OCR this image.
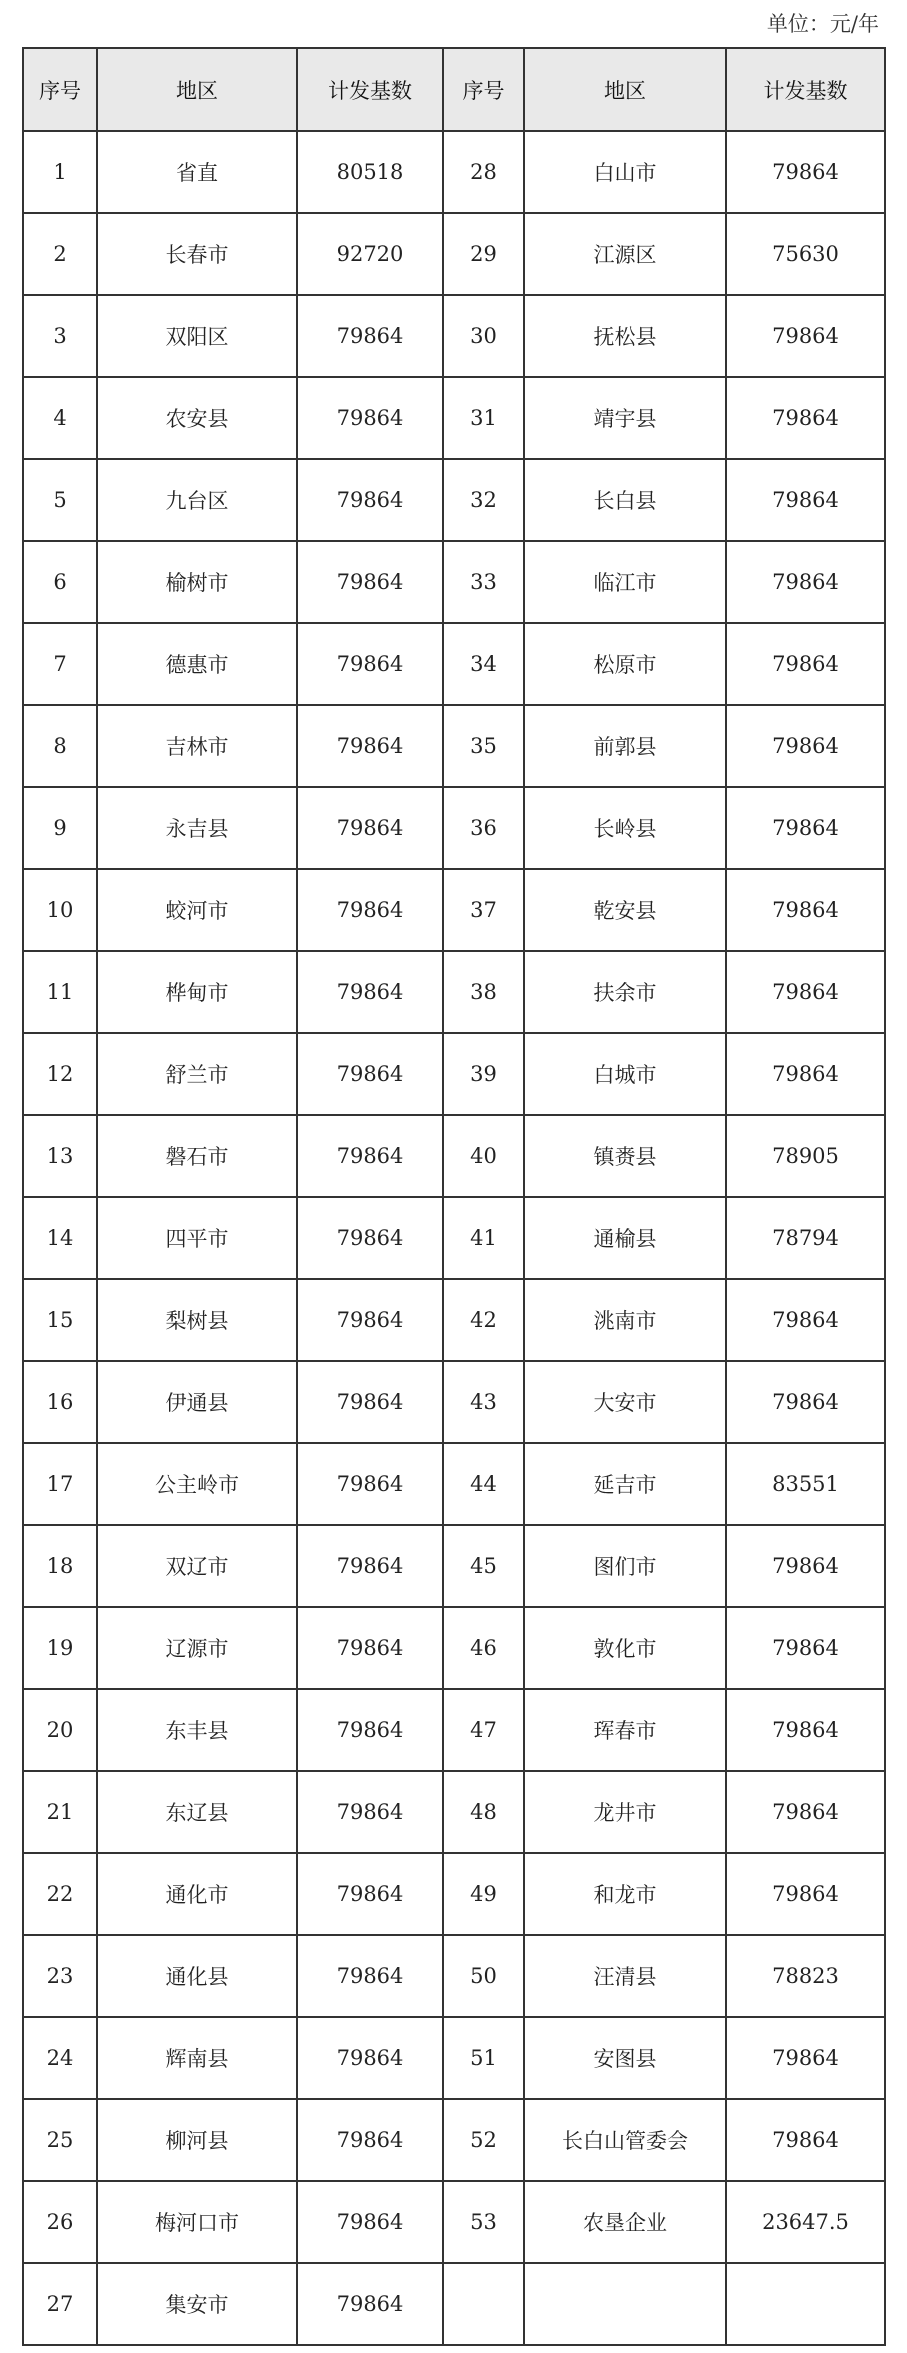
单位：元/年
序号	地区	计发基数	序号	地区	计发基数
1	省直	80518	28	白山市	79864
2	长春市	92720	29	江源区	75630
3	双阳区	79864	30	抚松县	79864
4	农安县	79864	31	靖宇县	79864
5	九台区	79864	32	长白县	79864
6	榆树市	79864	33	临江市	79864
7	德惠市	79864	34	松原市	79864
8	吉林市	79864	35	前郭县	79864
9	永吉县	79864	36	长岭县	79864
10	蛟河市	79864	37	乾安县	79864
11	桦甸市	79864	38	扶余市	79864
12	舒兰市	79864	39	白城市	79864
13	磐石市	79864	40	镇赉县	78905
14	四平市	79864	41	通榆县	78794
15	梨树县	79864	42	洮南市	79864
16	伊通县	79864	43	大安市	79864
17	公主岭市	79864	44	延吉市	83551
18	双辽市	79864	45	图们市	79864
19	辽源市	79864	46	敦化市	79864
20	东丰县	79864	47	珲春市	79864
21	东辽县	79864	48	龙井市	79864
22	通化市	79864	49	和龙市	79864
23	通化县	79864	50	汪清县	78823
24	辉南县	79864	51	安图县	79864
25	柳河县	79864	52	长白山管委会	79864
26	梅河口市	79864	53	农垦企业	23647.5
27	集安市	79864			
